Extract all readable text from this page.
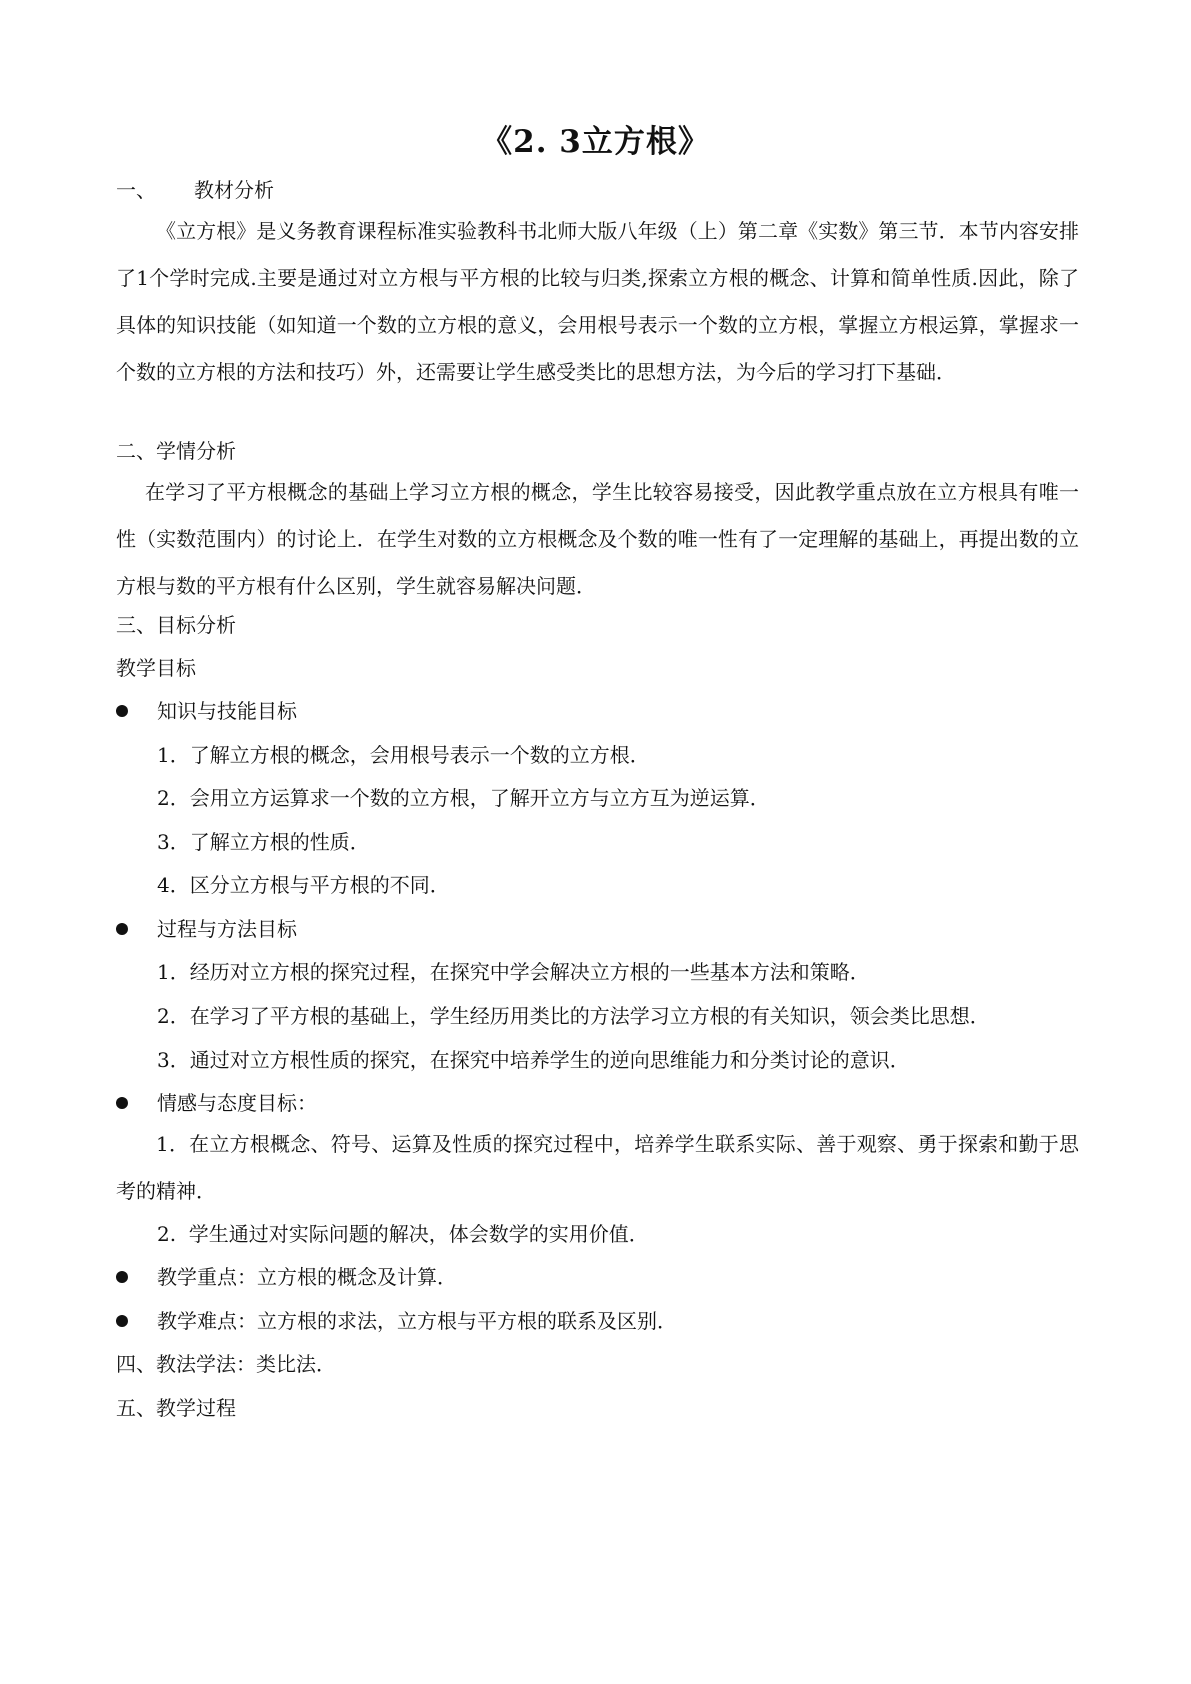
《2. 3立方根》
一、 教材分析

《立方根》是义务教育课程标准实验教科书北师大版八年级（上）第二章《实数》第三节．本节内容安排了1个学时完成.主要是通过对立方根与平方根的比较与归类,探索立方根的概念、计算和简单性质.因此，除了具体的知识技能（如知道一个数的立方根的意义，会用根号表示一个数的立方根，掌握立方根运算，掌握求一个数的立方根的方法和技巧）外，还需要让学生感受类比的思想方法，为今后的学习打下基础．

二、学情分析

在学习了平方根概念的基础上学习立方根的概念，学生比较容易接受，因此教学重点放在立方根具有唯一性（实数范围内）的讨论上．在学生对数的立方根概念及个数的唯一性有了一定理解的基础上，再提出数的立方根与数的平方根有什么区别，学生就容易解决问题．

三、目标分析
教学目标
知识与技能目标
1．了解立方根的概念，会用根号表示一个数的立方根．
2．会用立方运算求一个数的立方根，了解开立方与立方互为逆运算．
3．了解立方根的性质．
4．区分立方根与平方根的不同．
过程与方法目标
1．经历对立方根的探究过程，在探究中学会解决立方根的一些基本方法和策略．
2．在学习了平方根的基础上，学生经历用类比的方法学习立方根的有关知识，领会类比思想．
3．通过对立方根性质的探究，在探究中培养学生的逆向思维能力和分类讨论的意识．
情感与态度目标：

1．在立方根概念、符号、运算及性质的探究过程中，培养学生联系实际、善于观察、勇于探索和勤于思考的精神．

2.  学生通过对实际问题的解决，体会数学的实用价值．
教学重点：立方根的概念及计算．
教学难点：立方根的求法，立方根与平方根的联系及区别．
四、教法学法：类比法．
五、教学过程
